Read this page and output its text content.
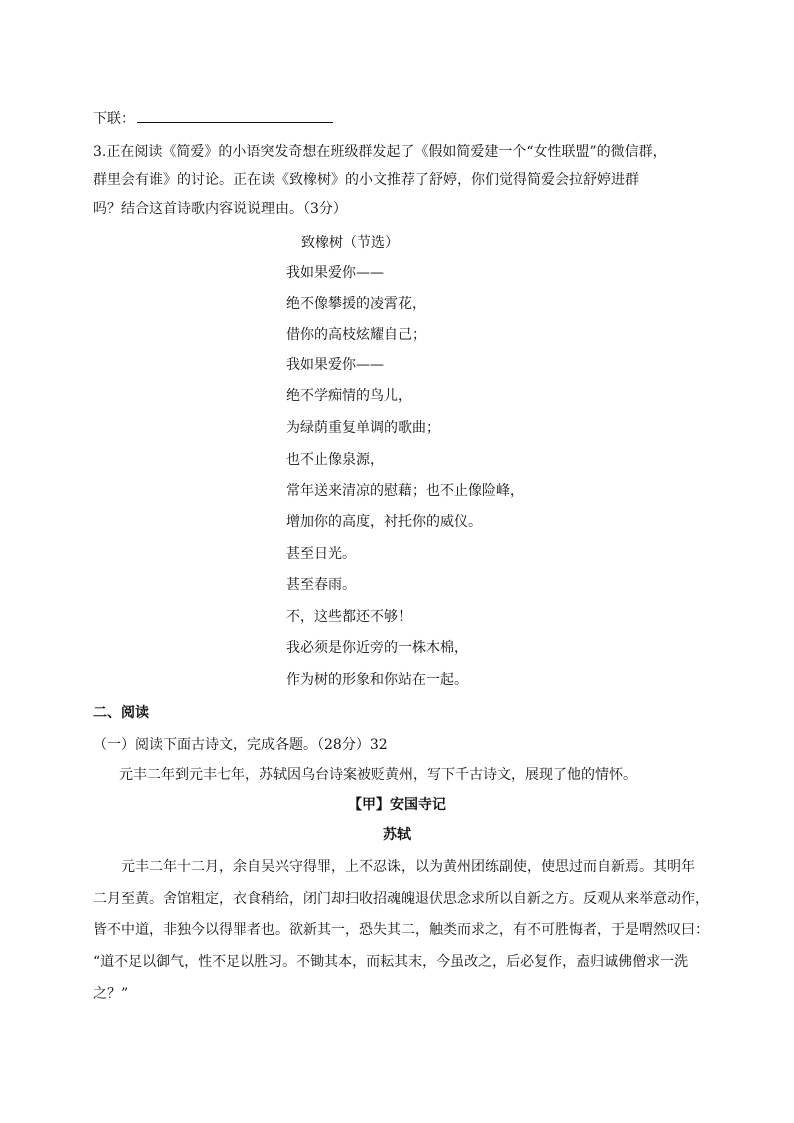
下联：
3.正在阅读《简爱》的小语突发奇想在班级群发起了《假如简爱建一个“女性联盟”的微信群，
群里会有谁》的讨论。正在读《致橡树》的小文推荐了舒婷，你们觉得简爱会拉舒婷进群
吗？结合这首诗歌内容说说理由。（3分）
致橡树（节选）
我如果爱你——
绝不像攀援的凌霄花，
借你的高枝炫耀自己；
我如果爱你——
绝不学痴情的鸟儿，
为绿荫重复单调的歌曲；
也不止像泉源，
常年送来清凉的慰藉；也不止像险峰，
增加你的高度，衬托你的威仪。
甚至日光。
甚至春雨。
不，这些都还不够！
我必须是你近旁的一株木棉，
作为树的形象和你站在一起。
二、阅读
（一）阅读下面古诗文，完成各题。（28分）32
元丰二年到元丰七年，苏轼因乌台诗案被贬黄州，写下千古诗文，展现了他的情怀。
【甲】安国寺记
苏轼
元丰二年十二月，余自吴兴守得罪，上不忍诛，以为黄州团练副使，使思过而自新焉。其明年
二月至黄。舍馆粗定，衣食稍给，闭门却扫收招魂魄退伏思念求所以自新之方。反观从来举意动作，
皆不中道，非独今以得罪者也。欲新其一，恐失其二，触类而求之，有不可胜悔者，于是喟然叹曰：
“道不足以御气，性不足以胜习。不锄其本，而耘其末，今虽改之，后必复作，盍归诚佛僧求一洗
之？”
